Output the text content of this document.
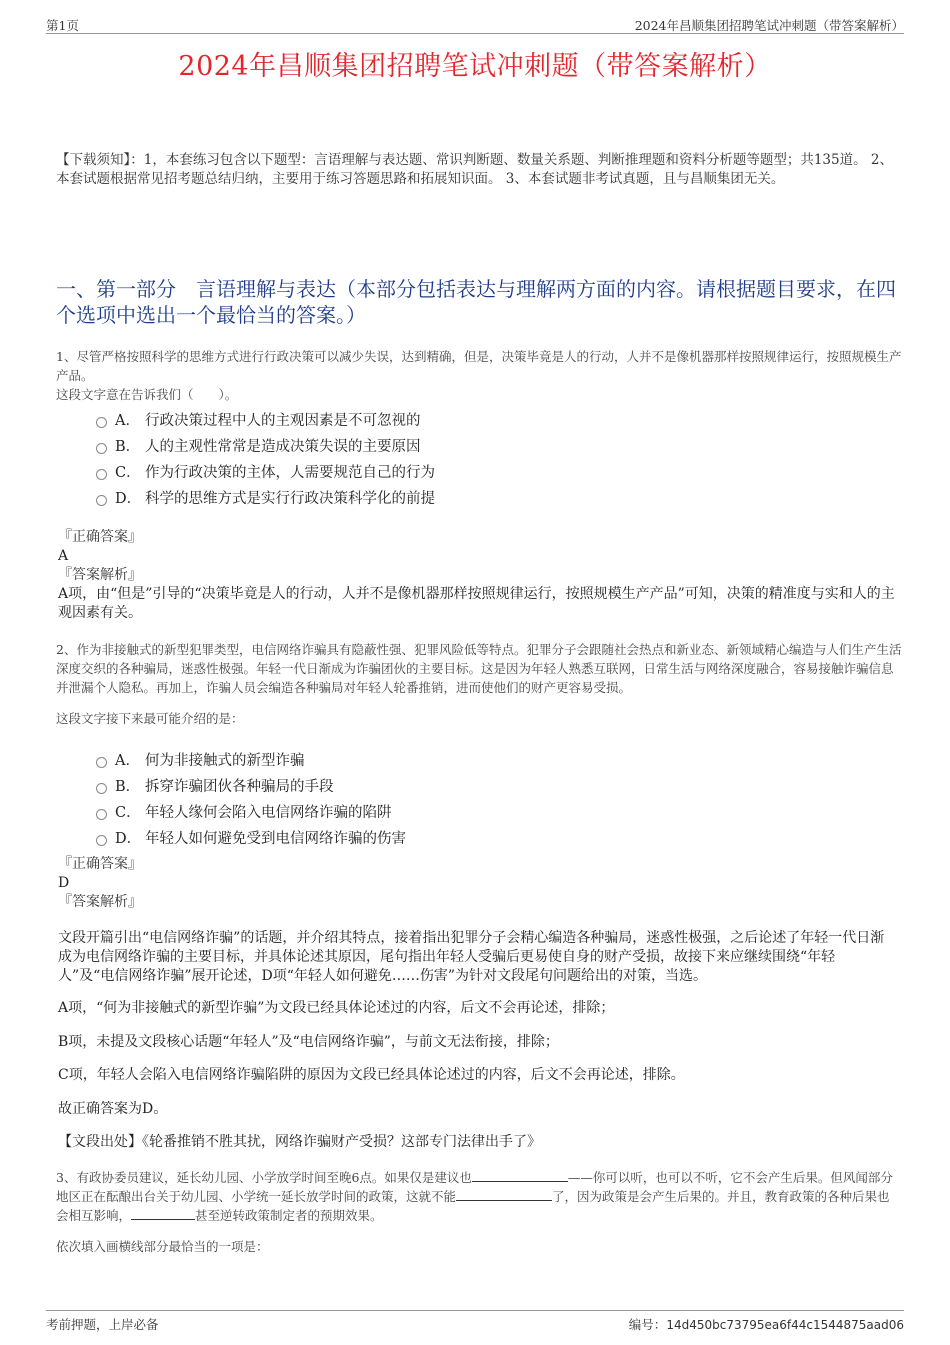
第1页	2024年昌顺集团招聘笔试冲刺题（带答案解析）
2024年昌顺集团招聘笔试冲刺题（带答案解析）
【下载须知】：1，本套练习包含以下题型：言语理解与表达题、常识判断题、数量关系题、判断推理题和资料分析题等题型；共135道。 2、本套试题根据常见招考题总结归纳，主要用于练习答题思路和拓展知识面。 3、本套试题非考试真题，且与昌顺集团无关。
一、第一部分　言语理解与表达（本部分包括表达与理解两方面的内容。请根据题目要求，在四个选项中选出一个最恰当的答案。）
1、尽管严格按照科学的思维方式进行行政决策可以减少失误，达到精确，但是，决策毕竟是人的行动，人并不是像机器那样按照规律运行，按照规模生产产品。
这段文字意在告诉我们（　　）。
A． 行政决策过程中人的主观因素是不可忽视的
B． 人的主观性常常是造成决策失误的主要原因
C． 作为行政决策的主体，人需要规范自己的行为
D． 科学的思维方式是实行行政决策科学化的前提
『正确答案』
A
『答案解析』
A项，由“但是”引导的“决策毕竟是人的行动，人并不是像机器那样按照规律运行，按照规模生产产品”可知，决策的精准度与实和人的主观因素有关。
2、作为非接触式的新型犯罪类型，电信网络诈骗具有隐蔽性强、犯罪风险低等特点。犯罪分子会跟随社会热点和新业态、新领域精心编造与人们生产生活深度交织的各种骗局，迷惑性极强。年轻一代日渐成为诈骗团伙的主要目标。这是因为年轻人熟悉互联网，日常生活与网络深度融合，容易接触诈骗信息并泄漏个人隐私。再加上，诈骗人员会编造各种骗局对年轻人轮番推销，进而使他们的财产更容易受损。
这段文字接下来最可能介绍的是：
A． 何为非接触式的新型诈骗
B． 拆穿诈骗团伙各种骗局的手段
C． 年轻人缘何会陷入电信网络诈骗的陷阱
D． 年轻人如何避免受到电信网络诈骗的伤害
『正确答案』
D
『答案解析』
文段开篇引出“电信网络诈骗”的话题，并介绍其特点，接着指出犯罪分子会精心编造各种骗局，迷惑性极强，之后论述了年轻一代日渐成为电信网络诈骗的主要目标，并具体论述其原因，尾句指出年轻人受骗后更易使自身的财产受损，故接下来应继续围绕“年轻人”及“电信网络诈骗”展开论述，D项“年轻人如何避免……伤害”为针对文段尾句问题给出的对策，当选。
A项，“何为非接触式的新型诈骗”为文段已经具体论述过的内容，后文不会再论述，排除；
B项，未提及文段核心话题“年轻人”及“电信网络诈骗”，与前文无法衔接，排除；
C项，年轻人会陷入电信网络诈骗陷阱的原因为文段已经具体论述过的内容，后文不会再论述，排除。
故正确答案为D。
【文段出处】《轮番推销不胜其扰，网络诈骗财产受损？这部专门法律出手了》
3、有政协委员建议，延长幼儿园、小学放学时间至晚6点。如果仅是建议也	——你可以听，也可以不听，它不会产生后果。但风闻部分地区正在酝酿出台关于幼儿园、小学统一延长放学时间的政策，这就不能	了，因为政策是会产生后果的。并且，教育政策的各种后果也会相互影响，	甚至逆转政策制定者的预期效果。
依次填入画横线部分最恰当的一项是：
考前押题，上岸必备	编号：14d450bc73795ea6f44c1544875aad06
